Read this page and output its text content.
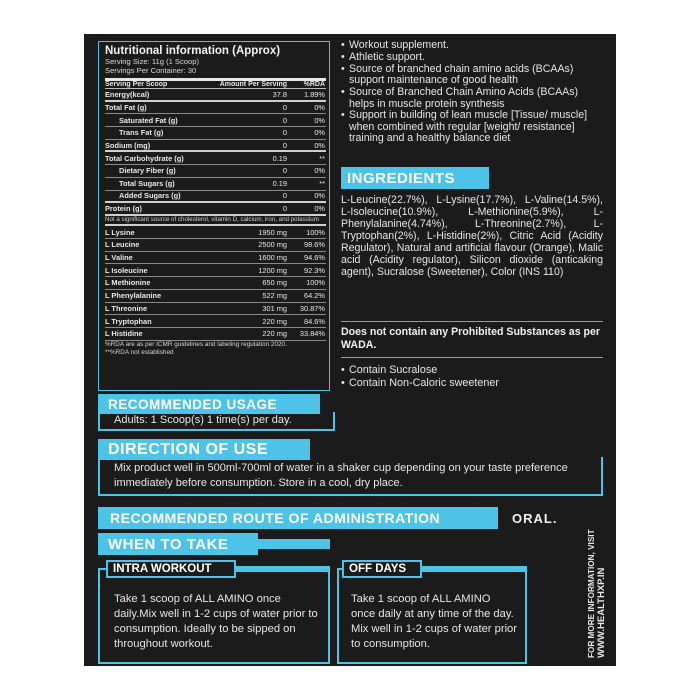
Nutritional information (Approx)
Serving Size: 11g (1 Scoop)
Servings Per Container: 30
Serving Per Scoop	Amount Per Serving	%RDA
Energy(kcal)	37.8	1.89%
Total Fat (g)	0	0%
Saturated Fat (g)	0	0%
Trans Fat (g)	0	0%
Sodium (mg)	0	0%
Total Carbohydrate (g)	0.19	**
Dietary Fiber (g)	0	0%
Total Sugars (g)	0.19	**
Added Sugars (g)	0	0%
Protein (g)	0	0%
Not a significant source of cholesterol, vitamin D, calcium, iron, and potassium
L Lysine	1950 mg	100%
L Leucine	2500 mg	98.6%
L Valine	1600 mg	94.6%
L Isoleucine	1200 mg	92.3%
L Methionine	650 mg	100%
L Phenylalanine	522 mg	64.2%
L Threonine	301 mg	30.87%
L Tryptophan	220 mg	84.6%
L Histidine	220 mg	33.84%
%RDA are as per ICMR guidelines and labeling regulation 2020.
**%RDA not established
• Workout supplement.
• Athletic support.
• Source of branched chain amino acids (BCAAs) support maintenance of good health
• Source of Branched Chain Amino Acids (BCAAs) helps in muscle protein synthesis
• Support in building of lean muscle [Tissue/ muscle] when combined with regular [weight/ resistance] training and a healthy balance diet
INGREDIENTS
L-Leucine(22.7%), L-Lysine(17.7%), L-Valine(14.5%), L-Isoleucine(10.9%), L-Methionine(5.9%), L-Phenylalanine(4.74%), L-Threonine(2.7%), L-Tryptophan(2%), L-Histidine(2%), Citric Acid (Acidity Regulator), Natural and artificial flavour (Orange), Malic acid (Acidity regulator), Silicon dioxide (anticaking agent), Sucralose (Sweetener), Color (INS 110)
Does not contain any Prohibited Substances as per WADA.
• Contain Sucralose
• Contain Non-Caloric sweetener
RECOMMENDED USAGE
Adults: 1 Scoop(s) 1 time(s) per day.
DIRECTION OF USE
Mix product well in 500ml-700ml of water in a shaker cup depending on your taste preference immediately before consumption. Store in a cool, dry place.
RECOMMENDED ROUTE OF ADMINISTRATION	ORAL.
WHEN TO TAKE
Take 1 scoop of ALL AMINO once daily.Mix well in 1-2 cups of water prior to consumption. Ideally to be sipped on throughout workout.
INTRA WORKOUT
Take 1 scoop of ALL AMINO once daily at any time of the day. Mix well in 1-2 cups of water prior to consumption.
OFF DAYS	FOR MORE INFORMATION, VISIT WWW.HEALTHXP.IN
